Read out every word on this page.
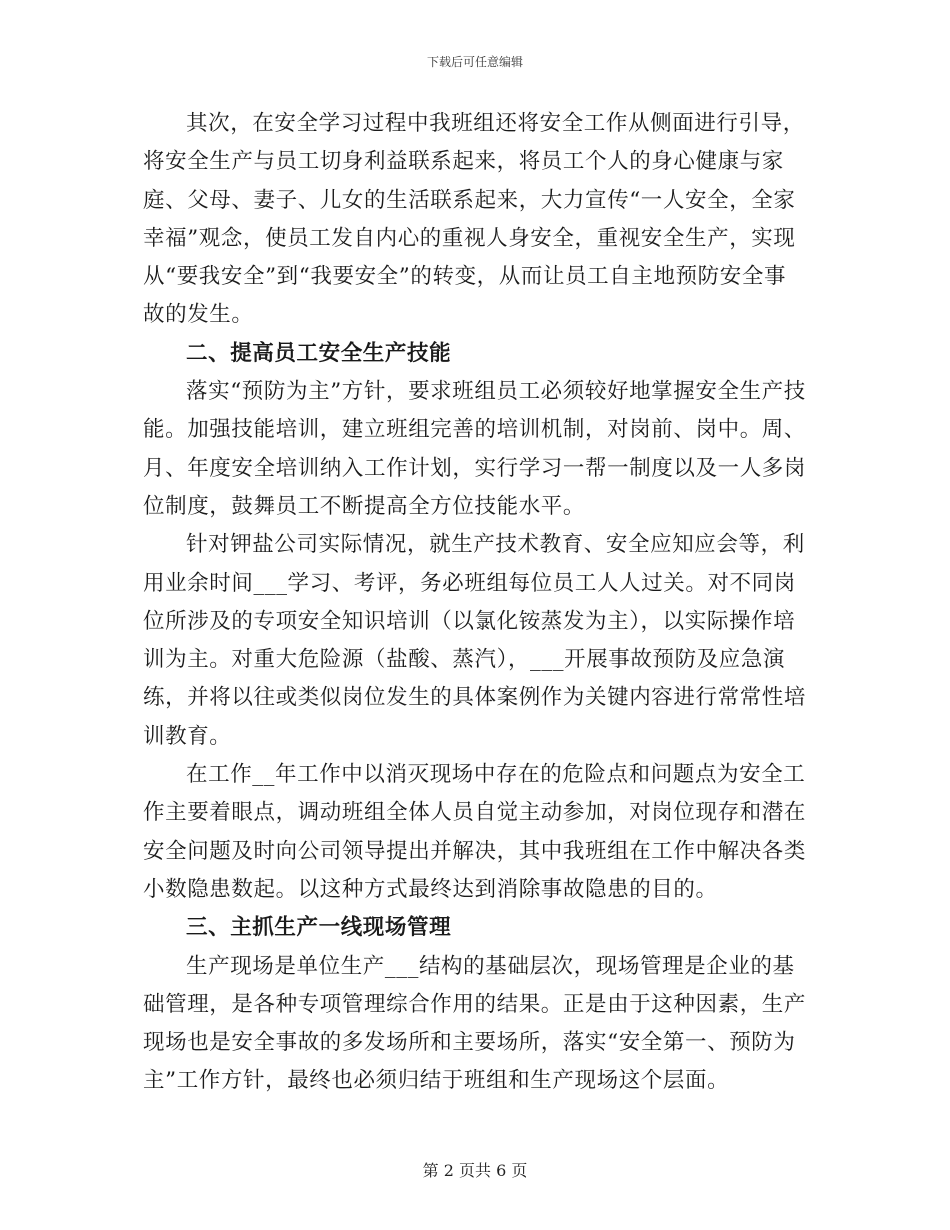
下载后可任意编辑

其次，在安全学习过程中我班组还将安全工作从侧面进行引导，将安全生产与员工切身利益联系起来，将员工个人的身心健康与家庭、父母、妻子、儿女的生活联系起来，大力宣传“一人安全，全家幸福”观念，使员工发自内心的重视人身安全，重视安全生产，实现从“要我安全”到“我要安全”的转变，从而让员工自主地预防安全事故的发生。

二、提高员工安全生产技能

落实“预防为主”方针，要求班组员工必须较好地掌握安全生产技能。加强技能培训，建立班组完善的培训机制，对岗前、岗中。周、月、年度安全培训纳入工作计划，实行学习一帮一制度以及一人多岗位制度，鼓舞员工不断提高全方位技能水平。

针对钾盐公司实际情况，就生产技术教育、安全应知应会等，利用业余时间___学习、考评，务必班组每位员工人人过关。对不同岗位所涉及的专项安全知识培训（以氯化铵蒸发为主），以实际操作培训为主。对重大危险源（盐酸、蒸汽），___开展事故预防及应急演练，并将以往或类似岗位发生的具体案例作为关键内容进行常常性培训教育。

在工作__年工作中以消灭现场中存在的危险点和问题点为安全工作主要着眼点，调动班组全体人员自觉主动参加，对岗位现存和潜在安全问题及时向公司领导提出并解决，其中我班组在工作中解决各类小数隐患数起。以这种方式最终达到消除事故隐患的目的。

三、主抓生产一线现场管理

生产现场是单位生产___结构的基础层次，现场管理是企业的基础管理，是各种专项管理综合作用的结果。正是由于这种因素，生产现场也是安全事故的多发场所和主要场所，落实“安全第一、预防为主”工作方针，最终也必须归结于班组和生产现场这个层面。

第 2 页共 6 页
